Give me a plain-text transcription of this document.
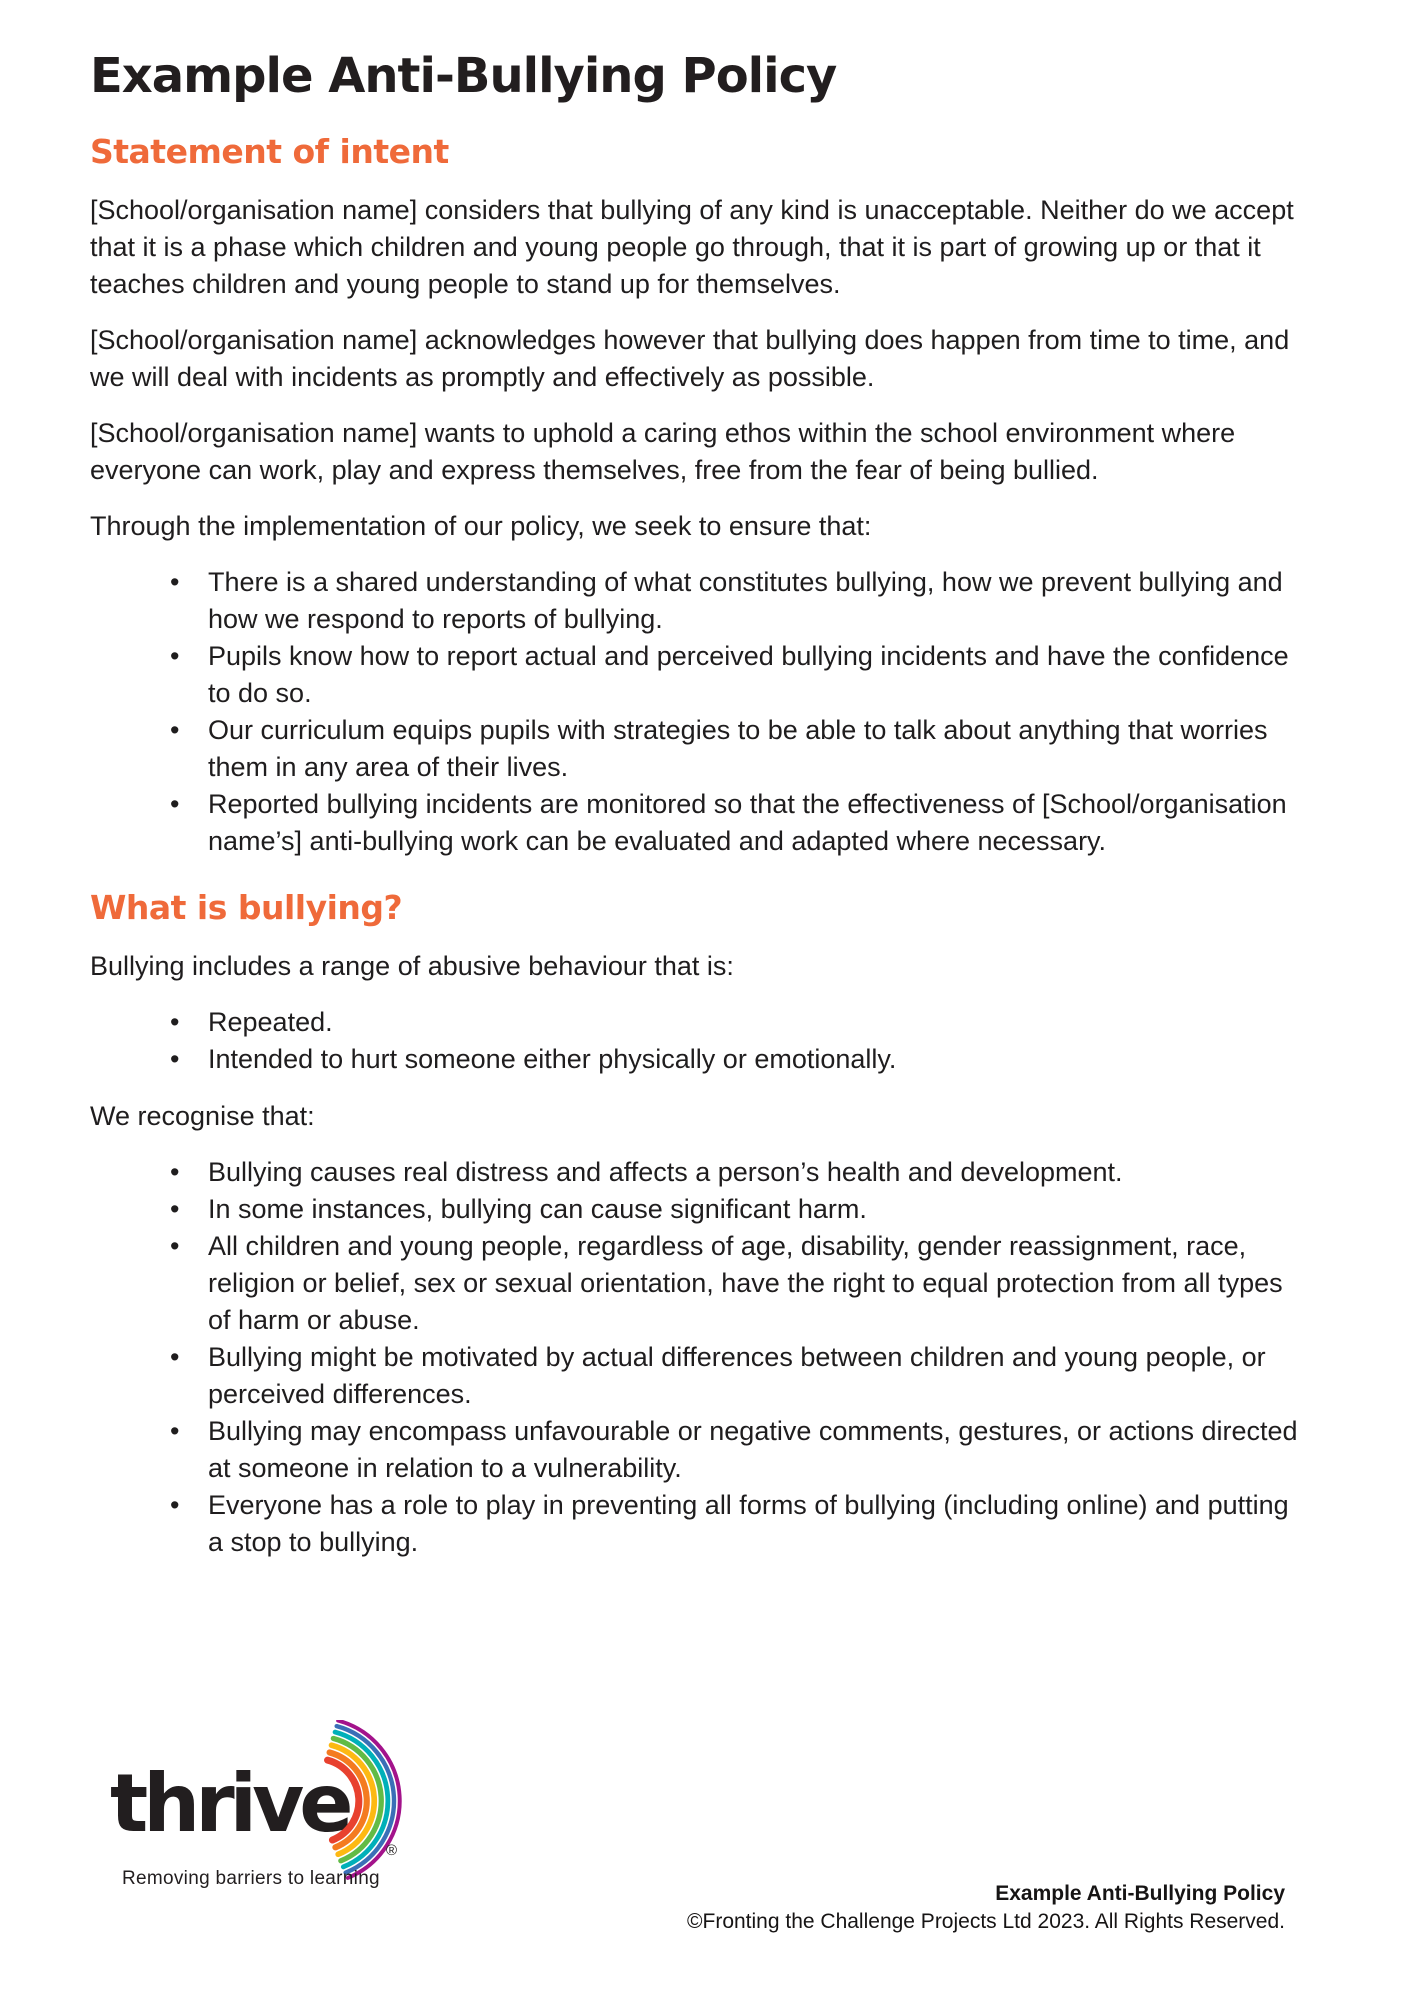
Example Anti-Bullying Policy
Statement of intent

[School/organisation name] considers that bullying of any kind is unacceptable. Neither do we accept that it is a phase which children and young people go through, that it is part of growing up or that it teaches children and young people to stand up for themselves.

[School/organisation name] acknowledges however that bullying does happen from time to time, and we will deal with incidents as promptly and effectively as possible.

[School/organisation name] wants to uphold a caring ethos within the school environment where everyone can work, play and express themselves, free from the fear of being bullied.

Through the implementation of our policy, we seek to ensure that:

• There is a shared understanding of what constitutes bullying, how we prevent bullying and how we respond to reports of bullying.
• Pupils know how to report actual and perceived bullying incidents and have the confidence to do so.
• Our curriculum equips pupils with strategies to be able to talk about anything that worries them in any area of their lives.
• Reported bullying incidents are monitored so that the effectiveness of [School/organisation name’s] anti-bullying work can be evaluated and adapted where necessary.
What is bullying?

Bullying includes a range of abusive behaviour that is:

• Repeated.
• Intended to hurt someone either physically or emotionally.

We recognise that:

• Bullying causes real distress and affects a person’s health and development.
• In some instances, bullying can cause significant harm.
• All children and young people, regardless of age, disability, gender reassignment, race, religion or belief, sex or sexual orientation, have the right to equal protection from all types of harm or abuse.
• Bullying might be motivated by actual differences between children and young people, or perceived differences.
• Bullying may encompass unfavourable or negative comments, gestures, or actions directed at someone in relation to a vulnerability.
• Everyone has a role to play in preventing all forms of bullying (including online) and putting a stop to bullying.
thrive
®
Removing barriers to learning
Example Anti-Bullying Policy
©Fronting the Challenge Projects Ltd 2023. All Rights Reserved.
